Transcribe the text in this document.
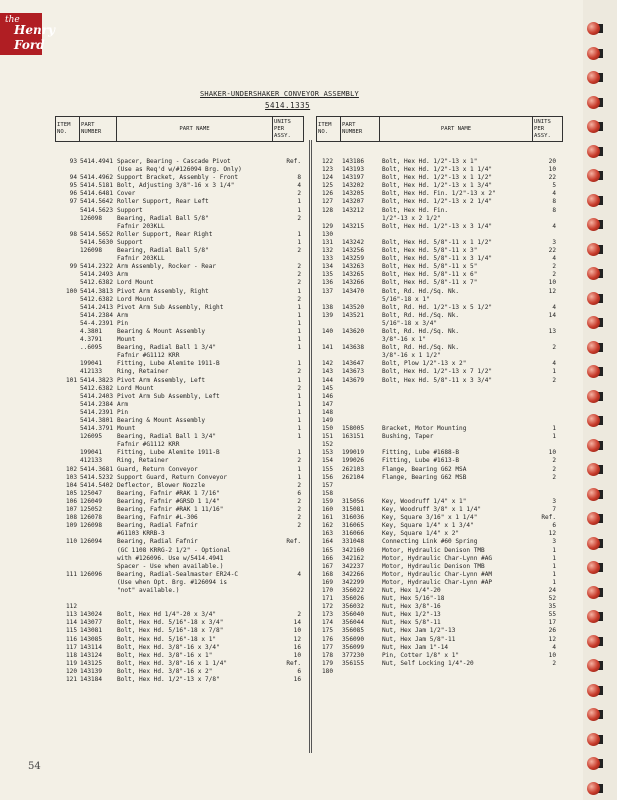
the
Henry
Ford
SHAKER-UNDERSHAKER CONVEYOR ASSEMBLY
5414.1335
ITEM NO.	PART NUMBER	PART NAME	UNITS PER ASSY.
ITEM NO.	PART NUMBER	PART NAME	UNITS PER ASSY.
93 5414.4941 Spacer, Bearing - Cascade Pivot	Ref.
(Use as Req'd w/#126094 Brg. Only)
94 5414.4962 Support Bracket, Assembly - Front	8
95 5414.5181 Bolt, Adjusting 3/8"-16 x 3 1/4"	4
96 5414.6481 Cover	2
97 5414.5642 Roller Support, Rear Left	1
5414.5623 Support	1
126098 Bearing, Radial Ball 5/8"	2
Fafnir 203KLL
98 5414.5652 Roller Support, Rear Right	1
5414.5630 Support	1
126098 Bearing, Radial Ball 5/8"	2
Fafnir 203KLL
99 5414.2322 Arm Assembly, Rocker - Rear	2
5414.2493 Arm	2
5412.6382 Lord Mount	2
100 5414.3813 Pivot Arm Assembly, Right	1
5412.6382 Lord Mount	2
5414.2413 Pivot Arm Sub Assembly, Right	1
5414.2384 Arm	1
54-4.2391 Pin	1
4.3801 Bearing & Mount Assembly	1
4.3791 Mount	1
..6095 Bearing, Radial Ball 1 3/4"	1
Fafnir #G1112 KRR
199041 Fitting, Lube Alemite 1911-B	1
412133 Ring, Retainer	2
101 5414.3823 Pivot Arm Assembly, Left	1
5412.6382 Lord Mount	2
5414.2403 Pivot Arm Sub Assembly, Left	1
5414.2384 Arm	1
5414.2391 Pin	1
5414.3801 Bearing & Mount Assembly	1
5414.3791 Mount	1
126095 Bearing, Radial Ball 1 3/4"	1
Fafnir #G1112 KRR
199041 Fitting, Lube Alemite 1911-B	1
412133 Ring, Retainer	2
102 5414.3681 Guard, Return Conveyor	1
103 5414.5232 Support Guard, Return Conveyor	1
104 5414.5402 Deflector, Blower Nozzle	2
105 125047 Bearing, Fafnir #RAK 1 7/16"	6
106 126049 Bearing, Fafnir #GRSD 1 1/4"	2
107 125052 Bearing, Fafnir #RAK 1 11/16"	2
108 126078 Bearing, Fafnir #L-306	2
109 126098 Bearing, Radial Fafnir	2
#G1103 KRRB-3
110 126094 Bearing, Radial Fafnir	Ref.
(GC 1108 KRRG-2 1/2" - Optional
with #126096. Use w/5414.4941
Spacer - Use when available.)
111 126096 Bearing, Radial-Sealmaster ER24-C	4
(Use when Opt. Brg. #126094 is
"not" available.)
112
113 143024 Bolt, Hex Hd 1/4"-20 x 3/4"	2
114 143077 Bolt, Hex Hd. 5/16"-18 x 3/4"	14
115 143081 Bolt, Hex Hd. 5/16"-18 x 7/8"	10
116 143085 Bolt, Hex Hd. 5/16"-18 x 1"	12
117 143114 Bolt, Hex Hd. 3/8"-16 x 3/4"	16
118 143124 Bolt, Hex Hd. 3/8"-16 x 1"	10
119 143125 Bolt, Hex Hd. 3/8"-16 x 1 1/4"	Ref.
120 143139 Bolt, Hex Hd. 3/8"-16 x 2"	6
121 143184 Bolt, Hex Hd. 1/2"-13 x 7/8"	16
122 143186	Bolt, Hex Hd. 1/2"-13 x 1"	20
123 143193	Bolt, Hex Hd. 1/2"-13 x 1 1/4"	10
124 143197	Bolt, Hex Hd. 1/2"-13 x 1 1/2"	22
125 143202	Bolt, Hex Hd. 1/2"-13 x 1 3/4"	5
126 143205	Bolt, Hex Hd. Fin. 1/2"-13 x 2"	4
127 143207	Bolt, Hex Hd. 1/2"-13 x 2 1/4"	8
128 143212	Bolt, Hex Hd. Fin.	8
1/2"-13 x 2 1/2"
129 143215	Bolt, Hex Hd. 1/2"-13 x 3 1/4"	4
130
131 143242	Bolt, Hex Hd. 5/8"-11 x 1 1/2"	3
132 143256	Bolt, Hex Hd. 5/8"-11 x 3"	22
133 143259	Bolt, Hex Hd. 5/8"-11 x 3 1/4"	4
134 143263	Bolt, Hex Hd. 5/8"-11 x 5"	2
135 143265	Bolt, Hex Hd. 5/8"-11 x 6"	2
136 143266	Bolt, Hex Hd. 5/8"-11 x 7"	10
137 143470	Bolt, Rd. Hd./Sq. Nk.	12
5/16"-18 x 1"
138 143520	Bolt, Rd. Hd. 1/2"-13 x 5 1/2"	4
139 143521	Bolt, Rd. Hd./Sq. Nk.	14
5/16"-18 x 3/4"
140 143620	Bolt, Rd. Hd./Sq. Nk.	13
3/8"-16 x 1"
141 143638	Bolt, Rd. Hd./Sq. Nk.	2
3/8"-16 x 1 1/2"
142 143647	Bolt, Plow 1/2"-13 x 2"	4
143 143673	Bolt, Hex Hd. 1/2"-13 x 7 1/2"	1
144 143679	Bolt, Hex Hd. 5/8"-11 x 3 3/4"	2
145
146
147
148
149
150 158005	Bracket, Motor Mounting	1
151 163151	Bushing, Taper	1
152
153 199019	Fitting, Lube #1688-B	10
154 199026	Fitting, Lube #1613-B	2
155 262103	Flange, Bearing G62 MSA	2
156 262104	Flange, Bearing G62 MSB	2
157
158
159 315056	Key, Woodruff 1/4" x 1"	3
160 315081	Key, Woodruff 3/8" x 1 1/4"	7
161 316036	Key, Square 3/16" x 1 1/4"	Ref.
162 316065	Key, Square 1/4" x 1 3/4"	6
163 316066	Key, Square 1/4" x 2"	12
164 331048	Connecting Link #60 Spring	3
165 342160	Motor, Hydraulic Denison TMB	1
166 342162	Motor, Hydraulic Char-Lynn #AG	1
167 342237	Motor, Hydraulic Denison TMB	1
168 342266	Motor, Hydraulic Char-Lynn #AM	1
169 342299	Motor, Hydraulic Char-Lynn #AP	1
170 356022	Nut, Hex 1/4"-20	24
171 356026	Nut, Hex 5/16"-18	52
172 356032	Nut, Hex 3/8"-16	35
173 356040	Nut, Hex 1/2"-13	55
174 356044	Nut, Hex 5/8"-11	17
175 356085	Nut, Hex Jam 1/2"-13	26
176 356090	Nut, Hex Jam 5/8"-11	12
177 356099	Nut, Hex Jam 1"-14	4
178 377230	Pin, Cotter 1/8" x 1"	10
179 356155	Nut, Self Locking 1/4"-20	2
180
54
